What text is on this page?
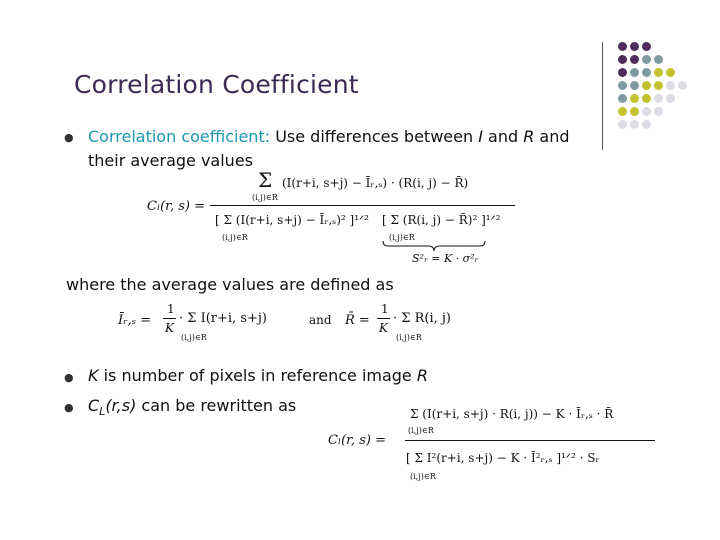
Correlation Coefficient
● Correlation coefficient: Use differences between I and R and
their average values
Cₗ(r, s) =
Σ
(i,j)∈R
(I(r+i, s+j) − Īᵣ,ₛ) · (R(i, j) − R̄)
[ Σ (I(r+i, s+j) − Īᵣ,ₛ)² ]¹ᐟ²
(i,j)∈R
[ Σ (R(i, j) − R̄)² ]¹ᐟ²
(i,j)∈R
S²ᵣ = K · σ²ᵣ
where the average values are defined as
Īᵣ,ₛ =
1
K
· Σ I(r+i, s+j)
(i,j)∈R
and R̄ =
1
K
· Σ R(i, j)
(i,j)∈R
● K is number of pixels in reference image R
● $C_L(r,s)$ can be rewritten as
Cₗ(r, s) =
Σ (I(r+i, s+j) · R(i, j)) − K · Īᵣ,ₛ · R̄
(i,j)∈R
[ Σ I²(r+i, s+j) − K · Ī²ᵣ,ₛ ]¹ᐟ² · Sᵣ
(i,j)∈R
